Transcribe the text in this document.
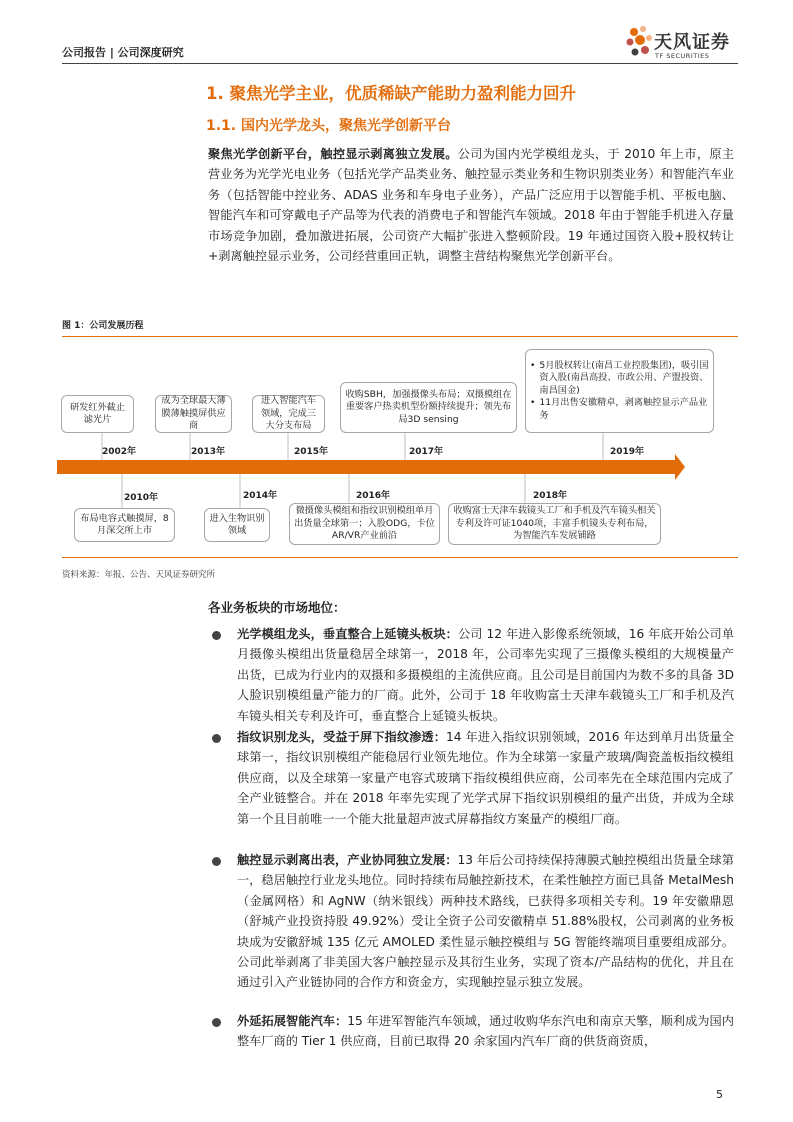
公司报告 | 公司深度研究	天风证券
TF SECURITIES
1. 聚焦光学主业，优质稀缺产能助力盈利能力回升
1.1. 国内光学龙头，聚焦光学创新平台
聚焦光学创新平台，触控显示剥离独立发展。公司为国内光学模组龙头，于 2010 年上市，原主营业务为光学光电业务（包括光学产品类业务、触控显示类业务和生物识别类业务）和智能汽车业务（包括智能中控业务、ADAS 业务和车身电子业务），产品广泛应用于以智能手机、平板电脑、智能汽车和可穿戴电子产品等为代表的消费电子和智能汽车领域。2018 年由于智能手机进入存量市场竞争加剧，叠加激进拓展，公司资产大幅扩张进入整顿阶段。19 年通过国资入股+股权转让+剥离触控显示业务，公司经营重回正轨，调整主营结构聚焦光学创新平台。
图 1：公司发展历程
2002年	2013年	2015年	2017年	2019年
2010年	2014年	2016年	2018年
研发红外截止滤光片
成为全球最大薄膜薄触摸屏供应商
进入智能汽车领域，完成三大分支布局
收购SBH，加强摄像头布局；双摄模组在重要客户热卖机型份额持续提升；领先布局3D sensing
• 5月股权转让(南昌工业控股集团)，吸引国资入股(南昌高投、市政公用、产盟投资、南昌国金)
• 11月出售安徽精卓，剥离触控显示产品业务
布局电容式触摸屏，8月深交所上市
进入生物识别领域
微摄像头模组和指纹识别模组单月出货量全球第一；入股ODG，卡位AR/VR产业前沿
收购富士天津车载镜头工厂和手机及汽车镜头相关专利及许可证1040项，丰富手机镜头专利布局，为智能汽车发展铺路
资料来源：年报、公告、天风证券研究所
各业务板块的市场地位：
光学模组龙头，垂直整合上延镜头板块：公司 12 年进入影像系统领域，16 年底开始公司单月摄像头模组出货量稳居全球第一，2018 年，公司率先实现了三摄像头模组的大规模量产出货，已成为行业内的双摄和多摄模组的主流供应商。且公司是目前国内为数不多的具备 3D 人脸识别模组量产能力的厂商。此外，公司于 18 年收购富士天津车载镜头工厂和手机及汽车镜头相关专利及许可，垂直整合上延镜头板块。
指纹识别龙头，受益于屏下指纹渗透：14 年进入指纹识别领域，2016 年达到单月出货量全球第一，指纹识别模组产能稳居行业领先地位。作为全球第一家量产玻璃/陶瓷盖板指纹模组供应商，以及全球第一家量产电容式玻璃下指纹模组供应商，公司率先在全球范围内完成了全产业链整合。并在 2018 年率先实现了光学式屏下指纹识别模组的量产出货，并成为全球第一个且目前唯一一个能大批量超声波式屏幕指纹方案量产的模组厂商。
触控显示剥离出表，产业协同独立发展：13 年后公司持续保持薄膜式触控模组出货量全球第一，稳居触控行业龙头地位。同时持续布局触控新技术，在柔性触控方面已具备 MetalMesh（金属网格）和 AgNW（纳米银线）两种技术路线，已获得多项相关专利。19 年安徽鼎恩（舒城产业投资持股 49.92%）受让全资子公司安徽精卓 51.88%股权，公司剥离的业务板块成为安徽舒城 135 亿元 AMOLED 柔性显示触控模组与 5G 智能终端项目重要组成部分。公司此举剥离了非美国大客户触控显示及其衍生业务，实现了资本/产品结构的优化，并且在通过引入产业链协同的合作方和资金方，实现触控显示独立发展。
外延拓展智能汽车：15 年进军智能汽车领域，通过收购华东汽电和南京天擎，顺利成为国内整车厂商的 Tier 1 供应商，目前已取得 20 余家国内汽车厂商的供货商资质，
5
